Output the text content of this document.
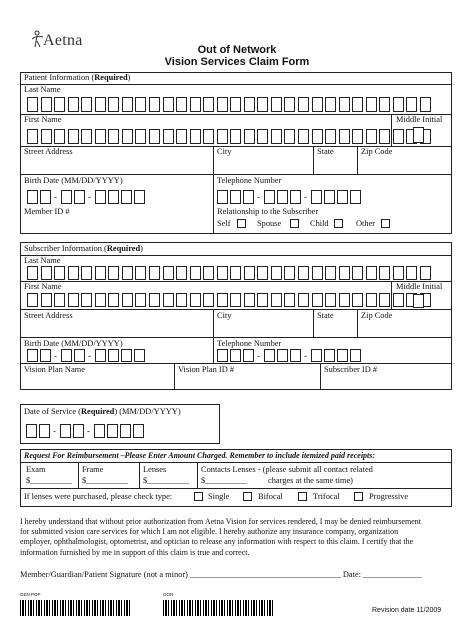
Aetna
Out of Network
Vision Services Claim Form
Patient Information (Required)
Last Name
First Name	Middle Initial
Street Address	City	State	Zip Code
Birth Date (MM/DD/YYYY)	Telephone Number
-	-	-	-
Member ID #	Relationship to the Subscriber
Self	Spouse	Child	Other
Subscriber Information (Required)
Last Name
First Name	Middle Initial
Street Address	City	State	Zip Code
Birth Date (MM/DD/YYYY)	Telephone Number
-	-	-	-
Vision Plan Name	Vision Plan ID #	Subscriber ID #
Date of Service (Required) (MM/DD/YYYY)
-	-
Request For Reimbursement –Please Enter Amount Charged. Remember to include itemized paid receipts:
Exam	Frame	Lenses	Contacts Lenses - (please submit all contact related
charges at the same time)
$__________ $__________ $__________ $__________
If lenses were purchased, please check type:	Single	Bifocal	Trifocal	Progressive
I hereby understand that without prior authorization from Aetna Vision for services rendered, I may be denied reimbursement
for submitted vision care services for which I am not eligible. I hereby authorize any insurance company, organization
employer, ophthalmologist, optometrist, and optician to release any information with respect to this claim. I certify that the
information furnished by me in support of this claim is true and correct.
Member/Guardian/Patient Signature (not a minor) ____________________________________ Date: ______________
GEN POP	OON
Revision date 11/2009
